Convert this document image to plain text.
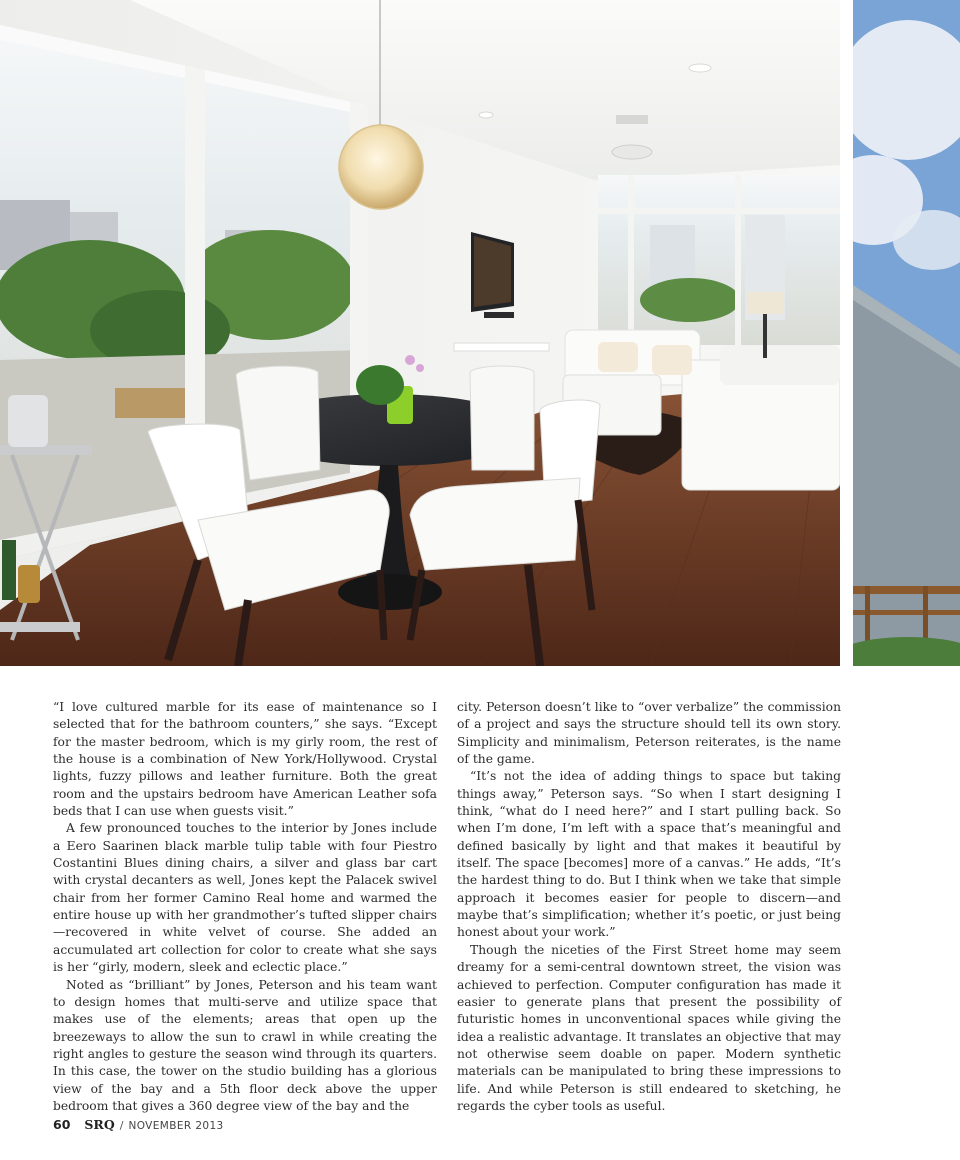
“I love cultured marble for its ease of maintenance so I selected that for the bathroom counters,” she says. “Except for the master bedroom, which is my girly room, the rest of the house is a combination of New York/Hollywood. Crystal lights, fuzzy pillows and leather furniture. Both the great room and the upstairs bedroom have American Leather sofa beds that I can use when guests visit.”

A few pronounced touches to the interior by Jones include a Eero Saarinen black marble tulip table with four Piestro Costantini Blues dining chairs, a silver and glass bar cart with crystal decanters as well, Jones kept the Palacek swivel chair from her former Camino Real home and warmed the entire house up with her grandmother’s tufted slipper chairs—recovered in white velvet of course. She added an accumulated art collection for color to create what she says is her “girly, modern, sleek and eclectic place.”

Noted as “brilliant” by Jones, Peterson and his team want to design homes that multi-serve and utilize space that makes use of the elements; areas that open up the breezeways to allow the sun to crawl in while creating the right angles to gesture the season wind through its quarters. In this case, the tower on the studio building has a glorious view of the bay and a 5th floor deck above the upper bedroom that gives a 360 degree view of the bay and the

city. Peterson doesn’t like to “over verbalize” the commission of a project and says the structure should tell its own story. Simplicity and minimalism, Peterson reiterates, is the name of the game.

“It’s not the idea of adding things to space but taking things away,” Peterson says. “So when I start designing I think, “what do I need here?” and I start pulling back. So when I’m done, I’m left with a space that’s meaningful and defined basically by light and that makes it beautiful by itself. The space [becomes] more of a canvas.” He adds, “It’s the hardest thing to do. But I think when we take that simple approach it becomes easier for people to discern—and maybe that’s simplification; whether it’s poetic, or just being honest about your work.”

Though the niceties of the First Street home may seem dreamy for a semi-central downtown street, the vision was achieved to perfection. Computer configuration has made it easier to generate plans that present the possibility of futuristic homes in unconventional spaces while giving the idea a realistic advantage. It translates an objective that may not otherwise seem doable on paper. Modern synthetic materials can be manipulated to bring these impressions to life. And while Peterson is still endeared to sketching, he regards the cyber tools as useful.

60 SRQ / NOVEMBER 2013
